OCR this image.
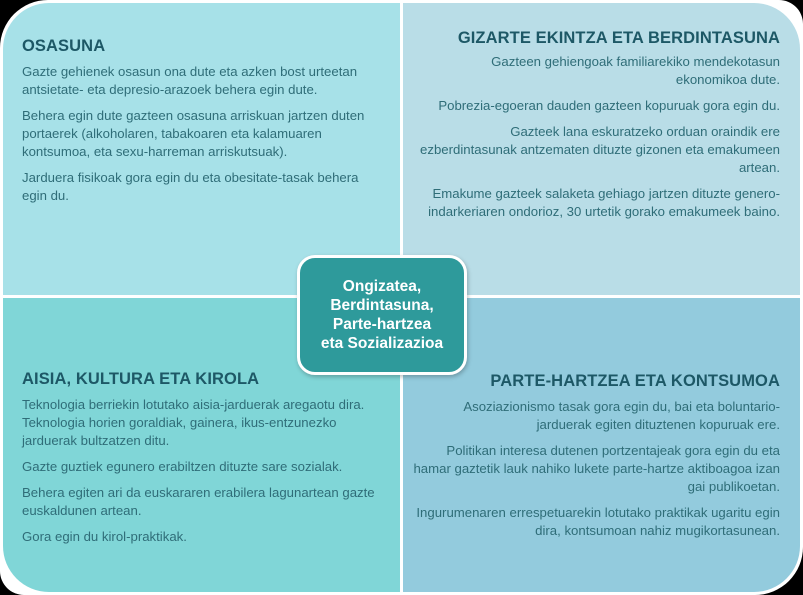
OSASUNA

Gazte gehienek osasun ona dute eta azken bost urteetan antsietate- eta depresio-arazoek behera egin dute.

Behera egin dute gazteen osasuna arriskuan jartzen duten portaerek (alkoholaren, tabakoaren eta kalamuaren kontsumoa, eta sexu-harreman arriskutsuak).

Jarduera fisikoak gora egin du eta obesitate-tasak behera egin du.

GIZARTE EKINTZA ETA BERDINTASUNA

Gazteen gehiengoak familiarekiko mendekotasun ekonomikoa dute.

Pobrezia-egoeran dauden gazteen kopuruak gora egin du.

Gazteek lana eskuratzeko orduan oraindik ere ezberdintasunak antzematen dituzte gizonen eta emakumeen artean.

Emakume gazteek salaketa gehiago jartzen dituzte genero-indarkeriaren ondorioz, 30 urtetik gorako emakumeek baino.

AISIA, KULTURA ETA KIROLA

Teknologia berriekin lotutako aisia-jarduerak aregaotu dira. Teknologia horien goraldiak, gainera, ikus-entzunezko jarduerak bultzatzen ditu.

Gazte guztiek egunero erabiltzen dituzte sare sozialak.

Behera egiten ari da euskararen erabilera lagunartean gazte euskaldunen artean.

Gora egin du kirol-praktikak.

PARTE-HARTZEA ETA KONTSUMOA

Asoziazionismo tasak gora egin du, bai eta boluntario-jarduerak egiten dituztenen kopuruak ere.

Politikan interesa dutenen portzentajeak gora egin du eta hamar gaztetik lauk nahiko lukete parte-hartze aktiboagoa izan gai publikoetan.

Ingurumenaren errespetuarekin lotutako praktikak ugaritu egin dira, kontsumoan nahiz mugikortasunean.

Ongizatea,
Berdintasuna,
Parte-hartzea
eta Sozializazioa
